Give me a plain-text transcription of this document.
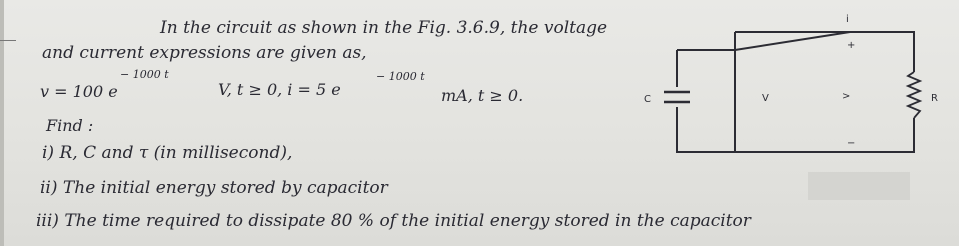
In the circuit as shown in the Fig. 3.6.9, the voltage
and current expressions are given as,
v = 100 e
− 1000 t
V, t ≥ 0, i = 5 e
− 1000 t
mA, t ≥ 0.
Find :
i) R, C and τ (in millisecond),
ii) The initial energy stored by capacitor
iii) The time required to dissipate 80 % of the initial energy stored in the capacitor
C	V
i
+
>
−
R
